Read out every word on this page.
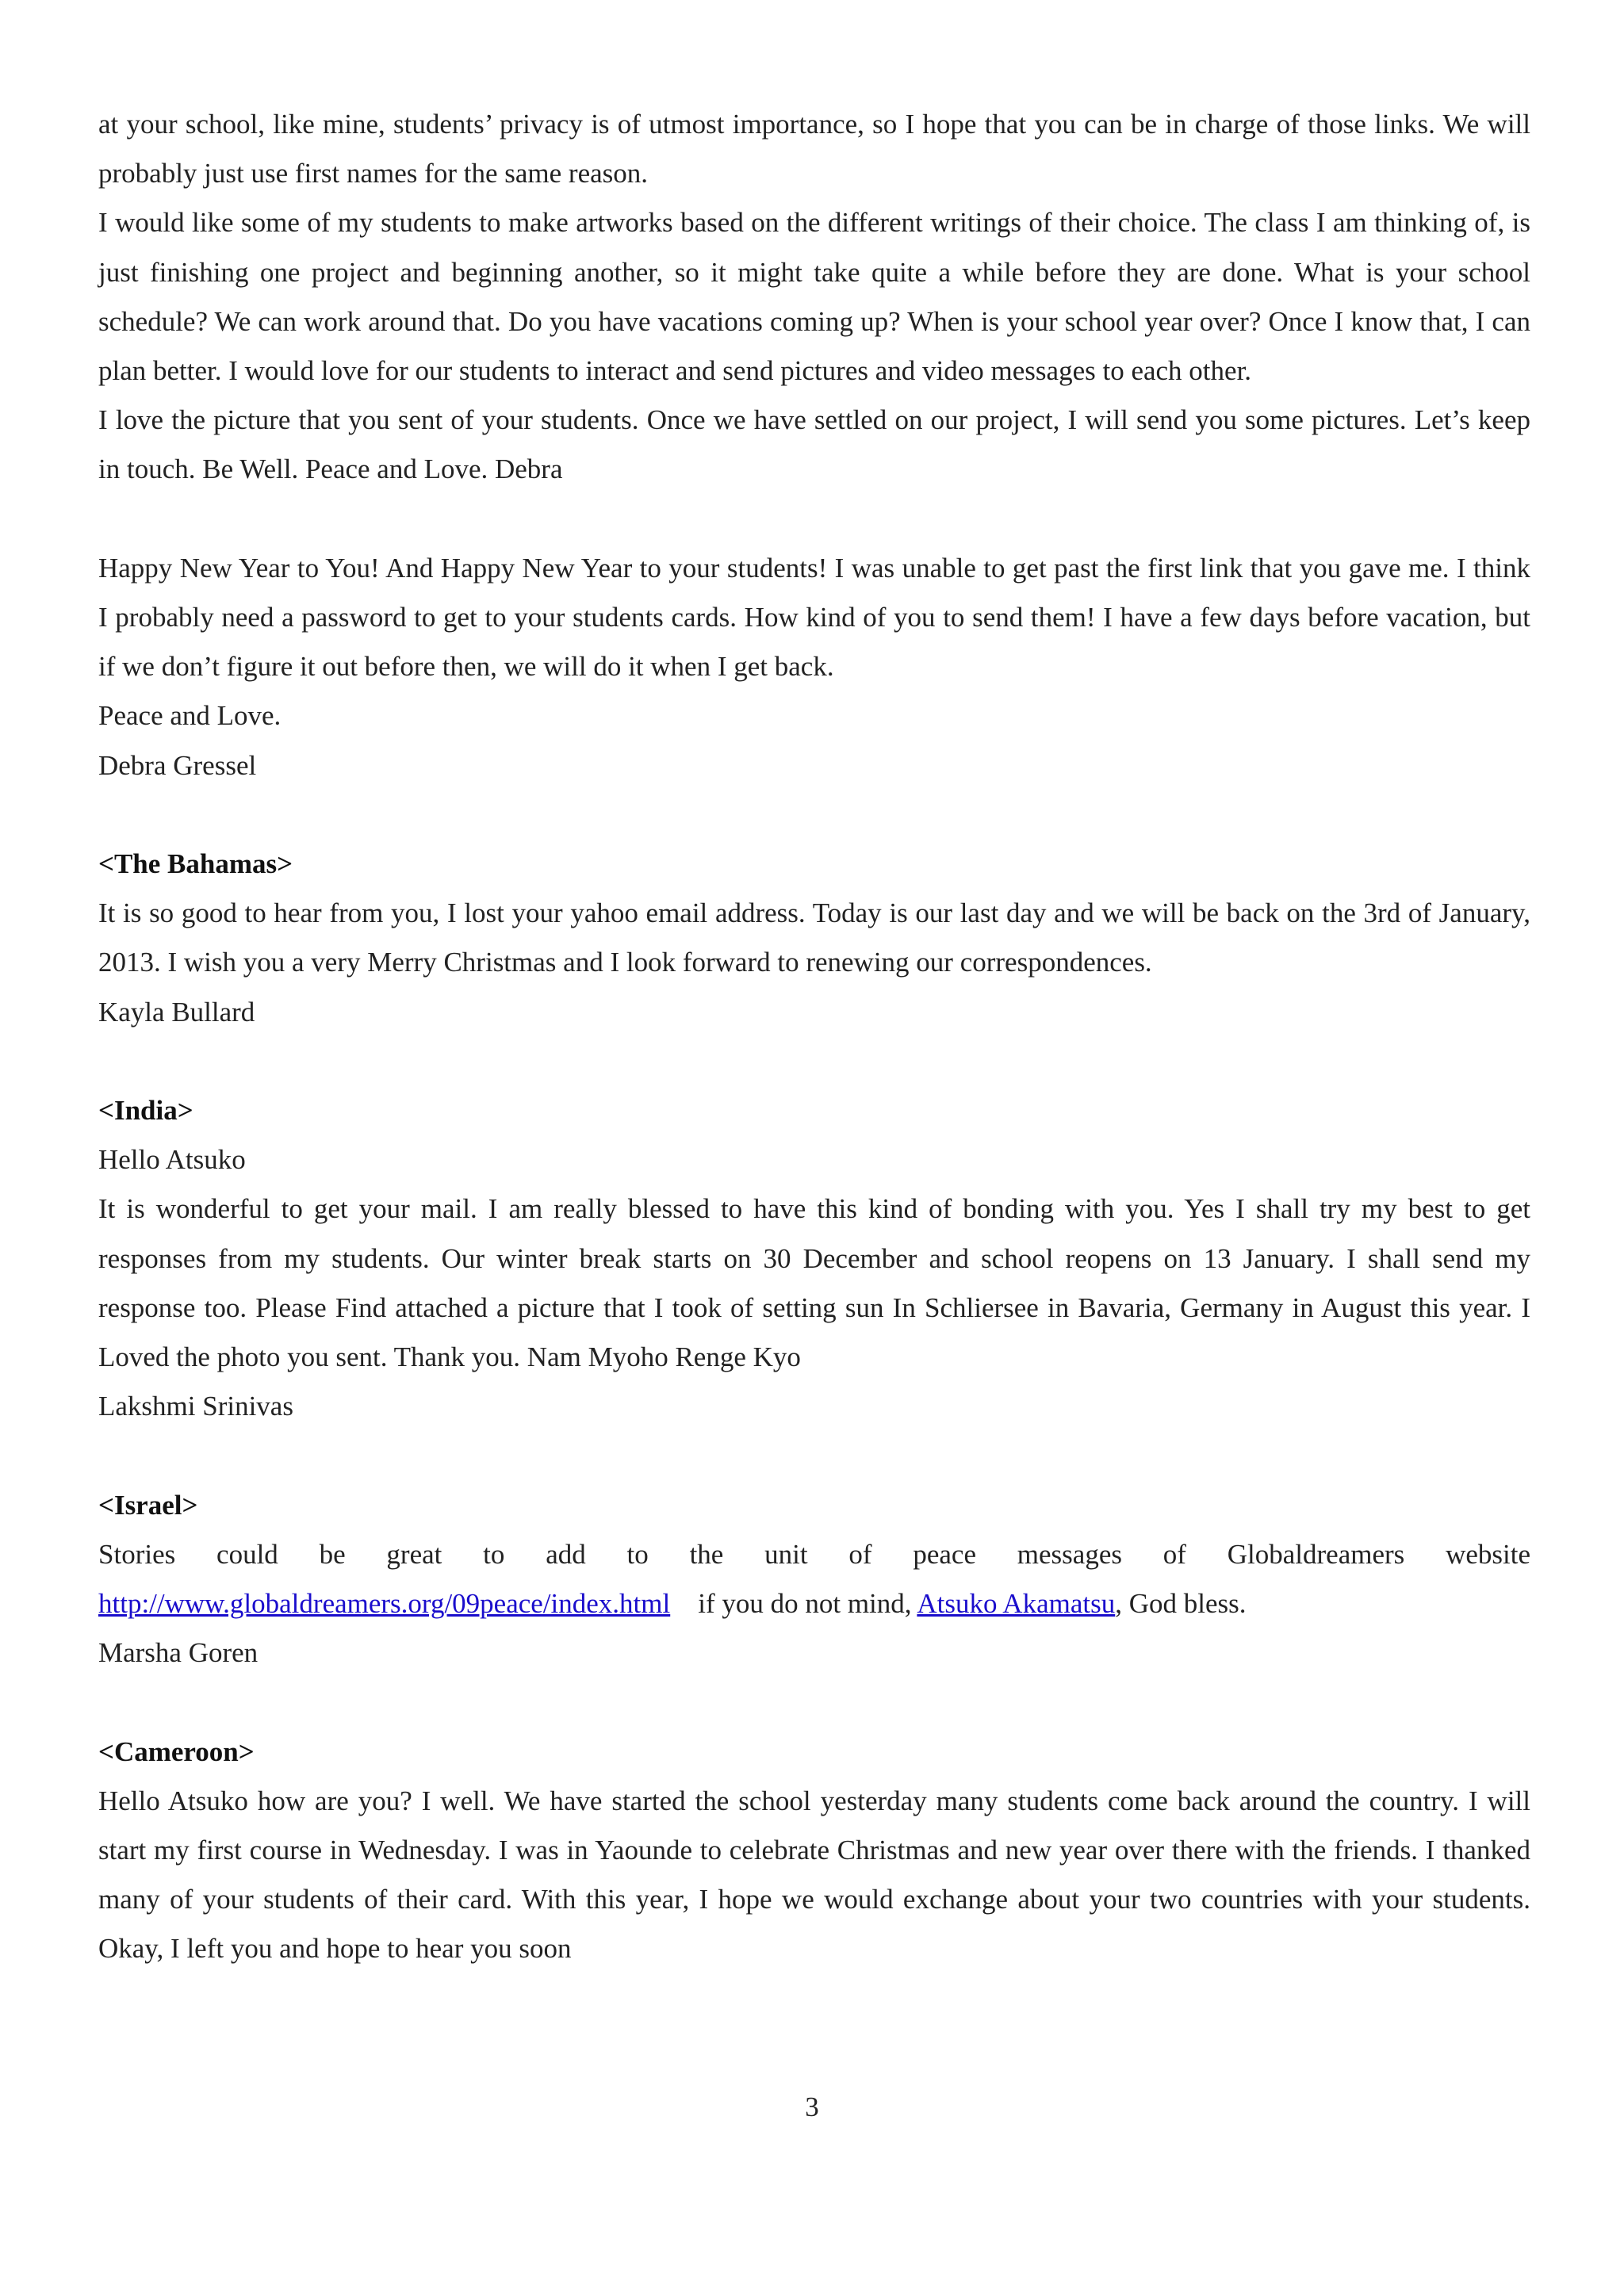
at your school, like mine, students’ privacy is of utmost importance, so I hope that you can be in charge of those links. We will probably just use first names for the same reason.

I would like some of my students to make artworks based on the different writings of their choice. The class I am thinking of, is just finishing one project and beginning another, so it might take quite a while before they are done. What is your school schedule? We can work around that. Do you have vacations coming up? When is your school year over? Once I know that, I can plan better. I would love for our students to interact and send pictures and video messages to each other.

I love the picture that you sent of your students. Once we have settled on our project, I will send you some pictures. Let’s keep in touch. Be Well. Peace and Love. Debra

Happy New Year to You! And Happy New Year to your students! I was unable to get past the first link that you gave me. I think I probably need a password to get to your students cards. How kind of you to send them! I have a few days before vacation, but if we don’t figure it out before then, we will do it when I get back.

Peace and Love.

Debra Gressel

<The Bahamas>

It is so good to hear from you, I lost your yahoo email address. Today is our last day and we will be back on the 3rd of January, 2013. I wish you a very Merry Christmas and I look forward to renewing our correspondences.

Kayla Bullard

<India>

Hello Atsuko

It is wonderful to get your mail. I am really blessed to have this kind of bonding with you. Yes I shall try my best to get responses from my students. Our winter break starts on 30 December and school reopens on 13 January. I shall send my response too. Please Find attached a picture that I took of setting sun In Schliersee in Bavaria, Germany in August this year. I Loved the photo you sent. Thank you. Nam Myoho Renge Kyo

Lakshmi Srinivas

<Israel>

Stories could be great to add to the unit of peace messages of Globaldreamers website

http://www.globaldreamers.org/09peace/index.html if you do not mind, Atsuko Akamatsu, God bless.

Marsha Goren

<Cameroon>

Hello Atsuko how are you? I well. We have started the school yesterday many students come back around the country. I will start my first course in Wednesday. I was in Yaounde to celebrate Christmas and new year over there with the friends. I thanked many of your students of their card. With this year, I hope we would exchange about your two countries with your students. Okay, I left you and hope to hear you soon

3
